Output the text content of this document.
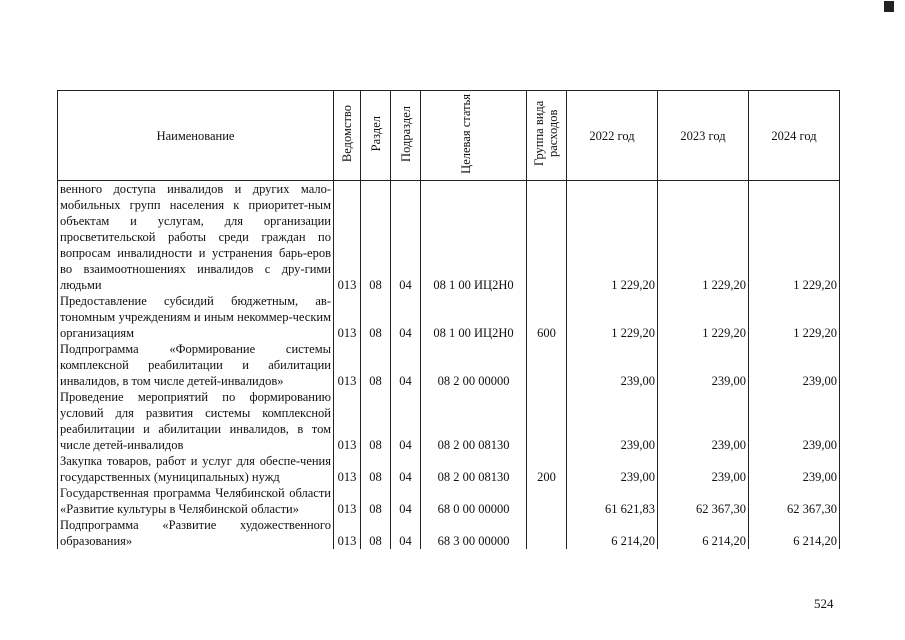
Наименование	Ведомство	Раздел	Подраздел	Целевая статья	Группа вида расходов	2022 год	2023 год	2024 год
венного доступа инвалидов и других мало-мобильных групп населения к приоритет-ным объектам и услугам, для организации просветительской работы среди граждан по вопросам инвалидности и устранения барь-еров во взаимоотношениях инвалидов с дру-гими людьми	013	08	04	08 1 00 ИЦ2Н0		1 229,20	1 229,20	1 229,20
Предоставление субсидий бюджетным, ав-тономным учреждениям и иным некоммер-ческим организациям	013	08	04	08 1 00 ИЦ2Н0	600	1 229,20	1 229,20	1 229,20
Подпрограмма «Формирование системы комплексной реабилитации и абилитации инвалидов, в том числе детей-инвалидов»	013	08	04	08 2 00 00000		239,00	239,00	239,00
Проведение мероприятий по формированию условий для развития системы комплексной реабилитации и абилитации инвалидов, в том числе детей-инвалидов	013	08	04	08 2 00 08130		239,00	239,00	239,00
Закупка товаров, работ и услуг для обеспе-чения государственных (муниципальных) нужд	013	08	04	08 2 00 08130	200	239,00	239,00	239,00
Государственная программа Челябинской области «Развитие культуры в Челябинской области»	013	08	04	68 0 00 00000		61 621,83	62 367,30	62 367,30
Подпрограмма «Развитие художественного образования»	013	08	04	68 3 00 00000		6 214,20	6 214,20	6 214,20
524
